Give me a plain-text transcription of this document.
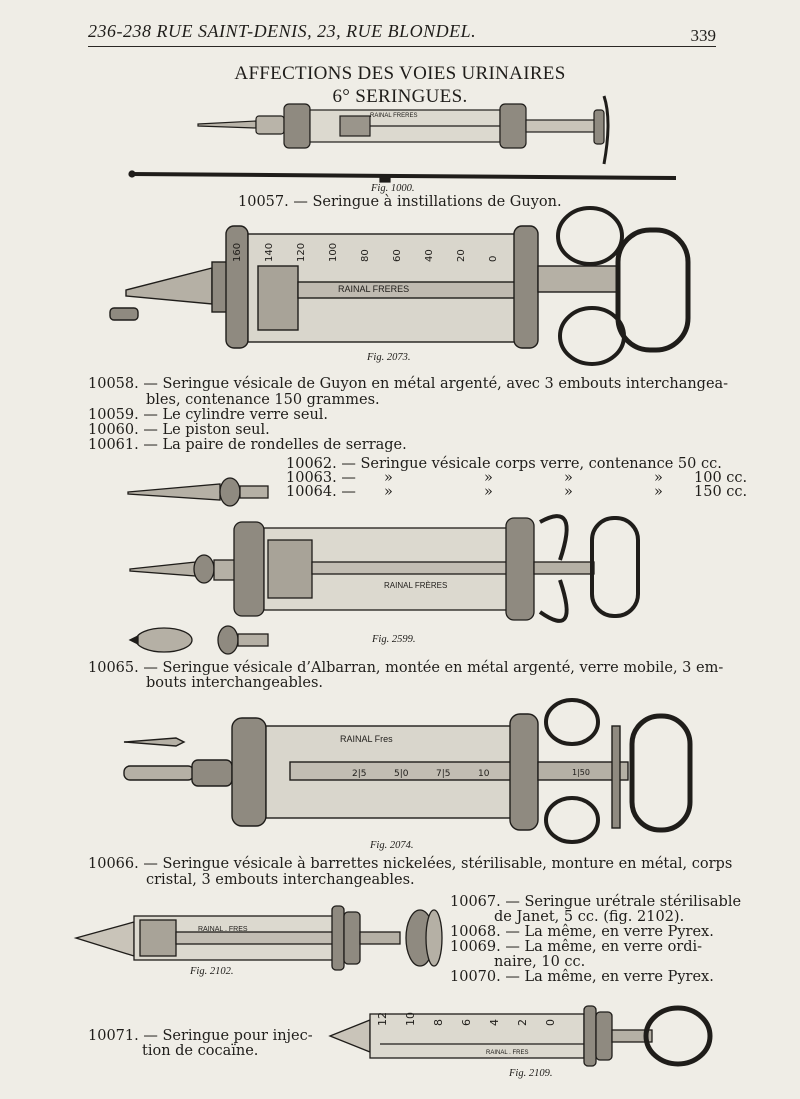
236-238 RUE SAINT-DENIS, 23, RUE BLONDEL.	339
AFFECTIONS DES VOIES URINAIRES
6° SERINGUES.
RAINAL FRERES
Fig. 1000.
10057. — Seringue à instillations de Guyon.
RAINAL FRERES
160 140 120 100 80 60 40 20 0
Fig. 2073.
10058. — Seringue vésicale de Guyon en métal argenté, avec 3 embouts interchangea-
bles, contenance 150 grammes.
10059. — Le cylindre verre seul.
10060. — Le piston seul.
10061. — La paire de rondelles de serrage.
10062. — Seringue vésicale corps verre, contenance 50 cc.
10063. —	»	»	»	»	100 cc.
10064. —	»	»	»	»	150 cc.
RAINAL FRÈRES
Fig. 2599.
10065. — Seringue vésicale d’Albarran, montée en métal argenté, verre mobile, 3 em-
bouts interchangeables.
RAINAL Fres
2|5	5|0	7|5	10	1|50
Fig. 2074.
10066. — Seringue vésicale à barrettes nickelées, stérilisable, monture en métal, corps
cristal, 3 embouts interchangeables.
RAINAL . FRES
Fig. 2102.
10067. — Seringue urétrale stérilisable
de Janet, 5 cc. (fig. 2102).
10068. — La même, en verre Pyrex.
10069. — La même, en verre ordi-
naire, 10 cc.
10070. — La même, en verre Pyrex.
12 10 8 6 4 2 0
RAINAL . FRES
Fig. 2109.
10071. — Seringue pour injec-
tion de cocaïne.
